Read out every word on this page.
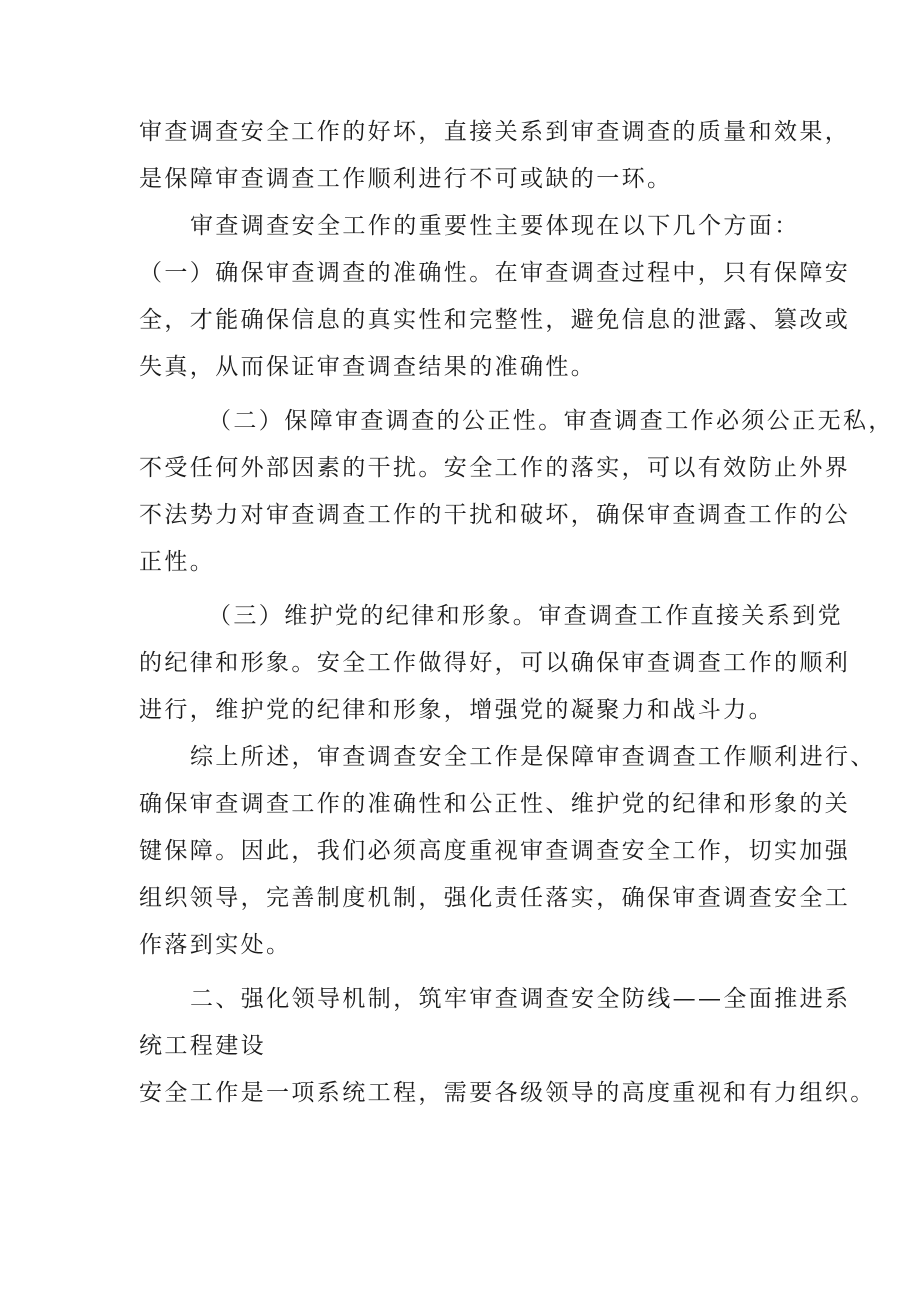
审查调查安全工作的好坏，直接关系到审查调查的质量和效果，
是保障审查调查工作顺利进行不可或缺的一环。
审查调查安全工作的重要性主要体现在以下几个方面：
（一）确保审查调查的准确性。在审查调查过程中，只有保障安
全，才能确保信息的真实性和完整性，避免信息的泄露、篡改或
失真，从而保证审查调查结果的准确性。
（二）保障审查调查的公正性。审查调查工作必须公正无私，
不受任何外部因素的干扰。安全工作的落实，可以有效防止外界
不法势力对审查调查工作的干扰和破坏，确保审查调查工作的公
正性。
（三）维护党的纪律和形象。审查调查工作直接关系到党
的纪律和形象。安全工作做得好，可以确保审查调查工作的顺利
进行，维护党的纪律和形象，增强党的凝聚力和战斗力。
综上所述，审查调查安全工作是保障审查调查工作顺利进行、
确保审查调查工作的准确性和公正性、维护党的纪律和形象的关
键保障。因此，我们必须高度重视审查调查安全工作，切实加强
组织领导，完善制度机制，强化责任落实，确保审查调查安全工
作落到实处。
二、强化领导机制，筑牢审查调查安全防线——全面推进系
统工程建设
安全工作是一项系统工程，需要各级领导的高度重视和有力组织。
